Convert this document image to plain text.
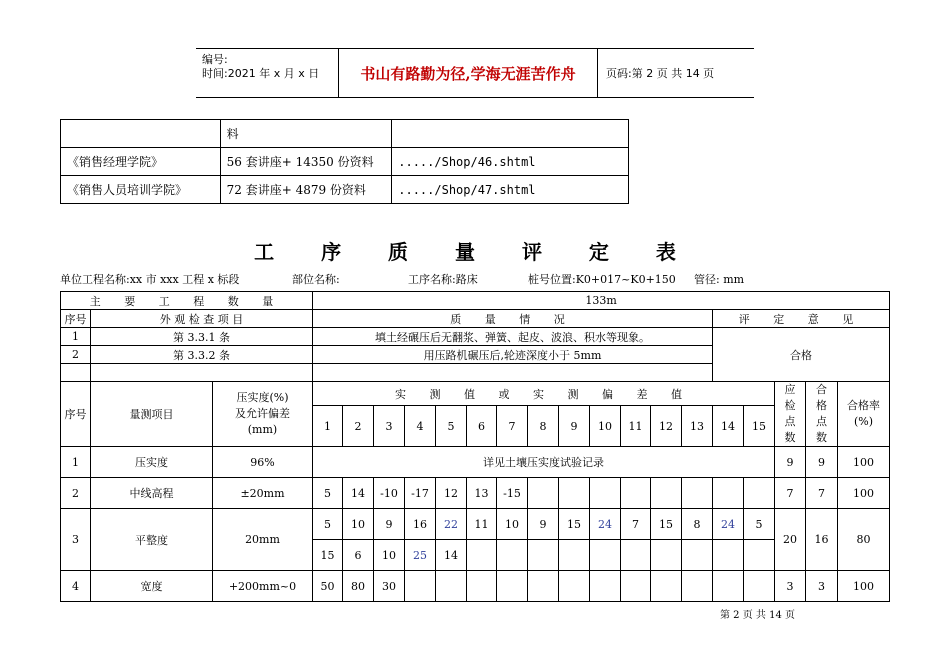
编号:
时间:2021 年 x 月 x 日	书山有路勤为径,学海无涯苦作舟	页码:第 2 页 共 14 页
	料	
《销售经理学院》	56 套讲座+ 14350 份资料	...../Shop/46.shtml
《销售人员培训学院》	72 套讲座+ 4879 份资料	...../Shop/47.shtml
工 序 质 量 评 定 表
单位工程名称:xx 市 xxx 工程 x 标段	部位名称:	工序名称:路床	桩号位置:K0+017~K0+150 管径: mm
主 要 工 程 数 量			133m																	
序号	外 观 检 查 项 目		质 量 情 况													评 定 意 见				
1	第 3.3.1 条		填土经碾压后无翻浆、弹簧、起皮、波浪、积水等现象。													合格				
2	第 3.3.2 条		用压路机碾压后,轮迹深度小于 5mm																	

序号	量测项目	压实度(%)
及允许偏差
(mm)	实 测 值 或 实 测 偏 差 值															应检点数	合格点数	合格率(%)
			1	2	3	4	5	6	7	8	9	10	11	12	13	14	15			
1	压实度	96%	详见土壤压实度试验记录															9	9	100
2	中线高程	±20mm	5	14	-10	-17	12	13	-15									7	7	100
3	平整度	20mm	5	10	9	16	22	11	10	9	15	24	7	15	8	24	5	20	16	80
			15	6	10	25	14													
4	宽度	+200mm~0	50	80	30													3	3	100
第 2 页 共 14 页
